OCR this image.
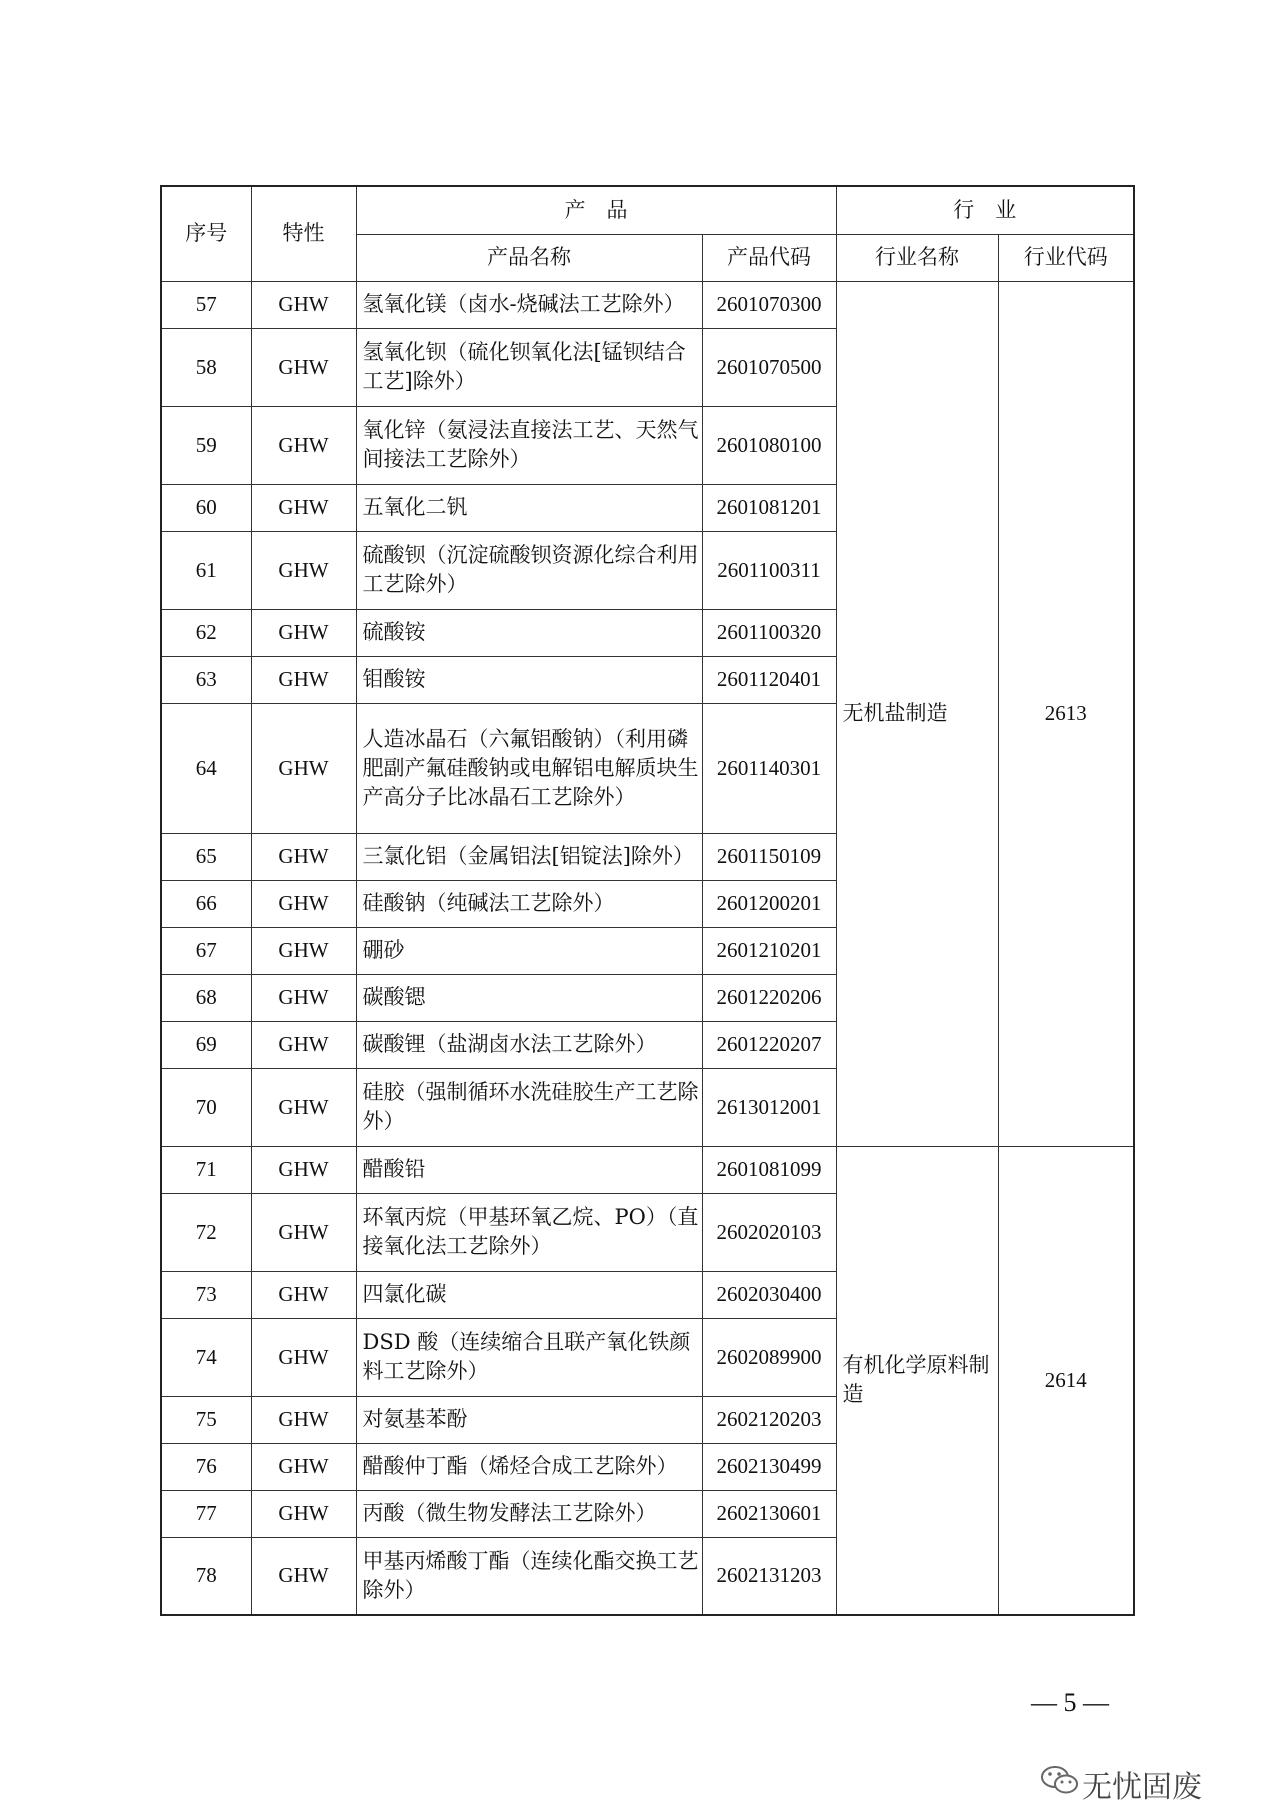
序号	特性	产　品		行　业	
		产品名称	产品代码	行业名称	行业代码
57	GHW	氢氧化镁（卤水-烧碱法工艺除外）	2601070300	无机盐制造	2613
58	GHW	氢氧化钡（硫化钡氧化法[锰钡结合工艺]除外）	2601070500		
59	GHW	氧化锌（氨浸法直接法工艺、天然气间接法工艺除外）	2601080100		
60	GHW	五氧化二钒	2601081201		
61	GHW	硫酸钡（沉淀硫酸钡资源化综合利用工艺除外）	2601100311		
62	GHW	硫酸铵	2601100320		
63	GHW	钼酸铵	2601120401		
64	GHW	人造冰晶石（六氟铝酸钠）（利用磷肥副产氟硅酸钠或电解铝电解质块生产高分子比冰晶石工艺除外）	2601140301		
65	GHW	三氯化铝（金属铝法[铝锭法]除外）	2601150109		
66	GHW	硅酸钠（纯碱法工艺除外）	2601200201		
67	GHW	硼砂	2601210201		
68	GHW	碳酸锶	2601220206		
69	GHW	碳酸锂（盐湖卤水法工艺除外）	2601220207		
70	GHW	硅胶（强制循环水洗硅胶生产工艺除外）	2613012001		
71	GHW	醋酸铅	2601081099	有机化学原料制造	2614
72	GHW	环氧丙烷（甲基环氧乙烷、PO）（直接氧化法工艺除外）	2602020103		
73	GHW	四氯化碳	2602030400		
74	GHW	DSD 酸（连续缩合且联产氧化铁颜料工艺除外）	2602089900		
75	GHW	对氨基苯酚	2602120203		
76	GHW	醋酸仲丁酯（烯烃合成工艺除外）	2602130499		
77	GHW	丙酸（微生物发酵法工艺除外）	2602130601		
78	GHW	甲基丙烯酸丁酯（连续化酯交换工艺除外）	2602131203		
— 5 —
无忧固废
